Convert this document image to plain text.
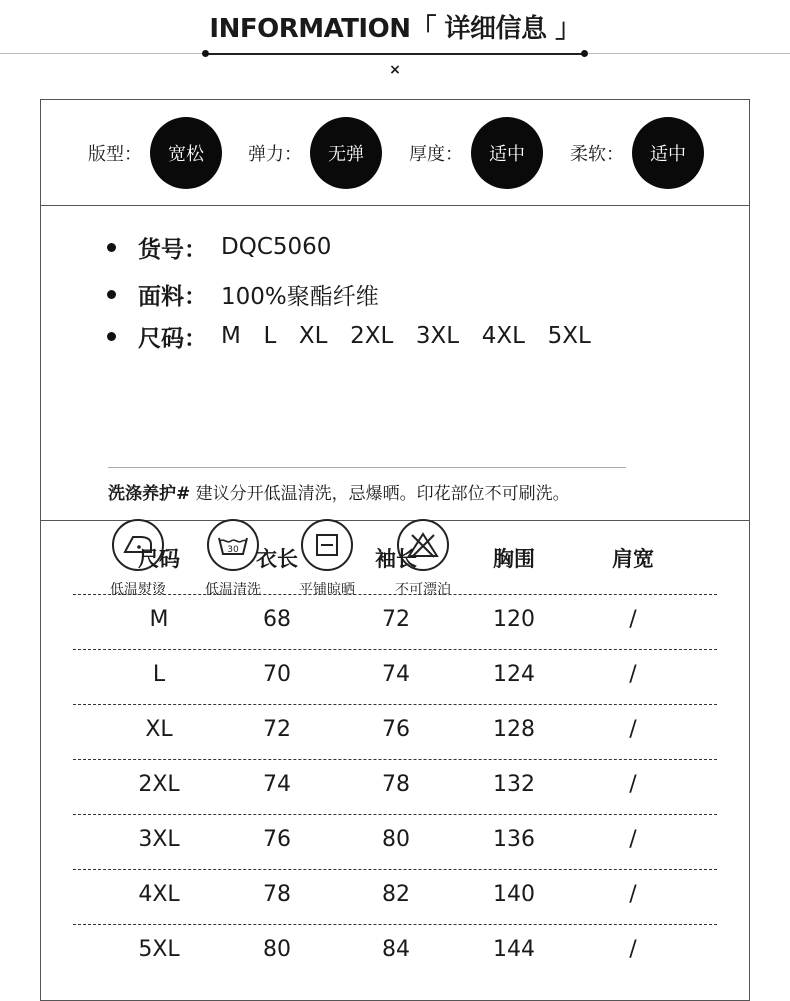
INFORMATION「 详细信息 」
×
版型：	宽松	弹力：	无弹	厚度：	适中	柔软：	适中
货号： DQC5060
面料： 100%聚酯纤维
尺码： M  L  XL  2XL  3XL  4XL  5XL
洗涤养护# 建议分开低温清洗，忌爆晒。印花部位不可刷洗。
低温熨烫
30
低温清洗	平铺晾晒	不可漂泊
尺码	衣长	袖长	胸围	肩宽
M	68	72	120	/
L	70	74	124	/
XL	72	76	128	/
2XL	74	78	132	/
3XL	76	80	136	/
4XL	78	82	140	/
5XL	80	84	144	/
